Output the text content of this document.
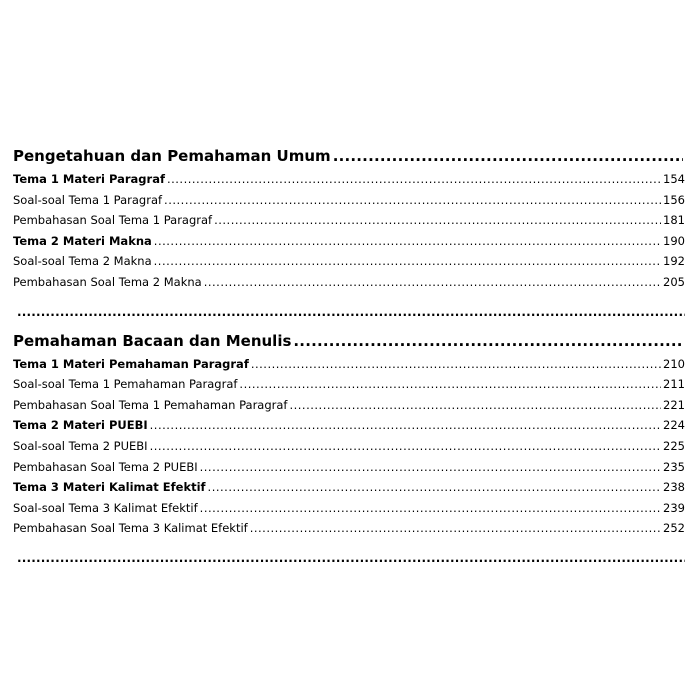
Pengetahuan dan Pemahaman Umum
.....
Tema 1 Materi Paragraf .....	154
Soal-soal Tema 1 Paragraf .....	156
Pembahasan Soal Tema 1 Paragraf .....	181
Tema 2 Materi Makna .....	190
Soal-soal Tema 2 Makna .....	192
Pembahasan Soal Tema 2 Makna .....	205
.....
Pemahaman Bacaan dan Menulis
.....
Tema 1 Materi Pemahaman Paragraf .....	210
Soal-soal Tema 1 Pemahaman Paragraf .....	211
Pembahasan Soal Tema 1 Pemahaman Paragraf .....	221
Tema 2 Materi PUEBI .....	224
Soal-soal Tema 2 PUEBI .....	225
Pembahasan Soal Tema 2 PUEBI .....	235
Tema 3 Materi Kalimat Efektif .....	238
Soal-soal Tema 3 Kalimat Efektif .....	239
Pembahasan Soal Tema 3 Kalimat Efektif .....	252
.....
